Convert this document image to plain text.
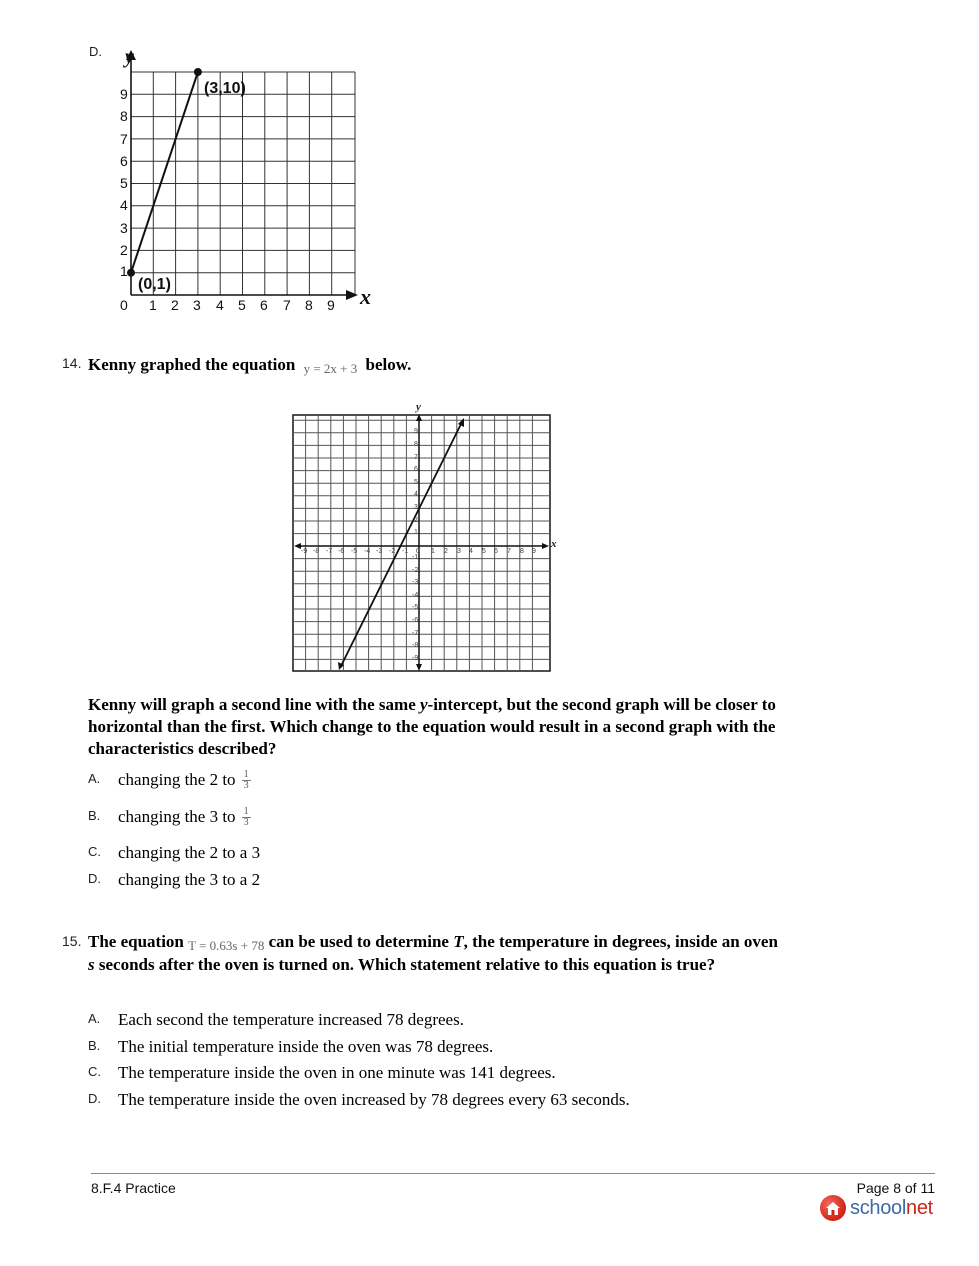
D. y
x
(3,10)
(0,1)
1
2
3
4
5
6
7
8
9
0 1 2 3 4 5 6 7 8 9
14. Kenny graphed the equation y = 2x + 3 below.
y
x
-9 -8 -7 -6 -5 -4 -3 -2 -1 0 1 2 3 4 5 6 7 8 9
1
2
3
4
5
6
7
8
9
-1
-2
-3
-4
-5
-6
-7
-8
-9
Kenny will graph a second line with the same y-intercept, but the second graph will be closer to horizontal than the first. Which change to the equation would result in a second graph with the characteristics described?
A.	changing the 2 to $\frac{1}{3}$
B.	changing the 3 to $\frac{1}{3}$
C.	changing the 2 to a 3
D.	changing the 3 to a 2
15. The equation T = 0.63s + 78 can be used to determine T, the temperature in degrees, inside an oven s seconds after the oven is turned on. Which statement relative to this equation is true?
A.	Each second the temperature increased 78 degrees.
B.	The initial temperature inside the oven was 78 degrees.
C.	The temperature inside the oven in one minute was 141 degrees.
D.	The temperature inside the oven increased by 78 degrees every 63 seconds.
8.F.4 Practice	Page 8 of 11
schoolnet
